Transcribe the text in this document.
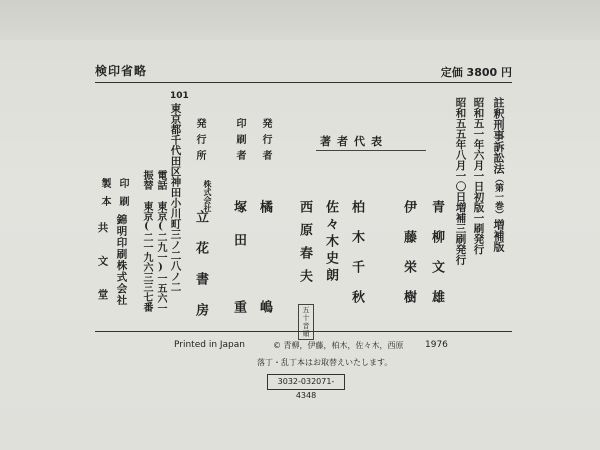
検印省略	定価 3800 円
註釈刑事訴訟法（第一巻）増補版
昭和五一年六月一日初版一刷発行
昭和五五年八月一〇日増補三刷発行
青柳文雄
伊藤栄樹
柏木千秋
佐々木史朗
西原春夫
五十音順
著者代表
発行者
印刷者
橘
嶋
塚田
重
発行所
株式会社
立花書房
101
東京都千代田区神田小川町三ノ二八ノ二
電話 東京(二九一)一五六一
振替 東京(二一九六三三七番
印刷
錦明印刷株式会社
製本
共文堂
Printed in Japan	© 青柳，伊藤，柏木，佐々木，西原 1976
落丁・乱丁本はお取替えいたします。
3032-032071-4348
